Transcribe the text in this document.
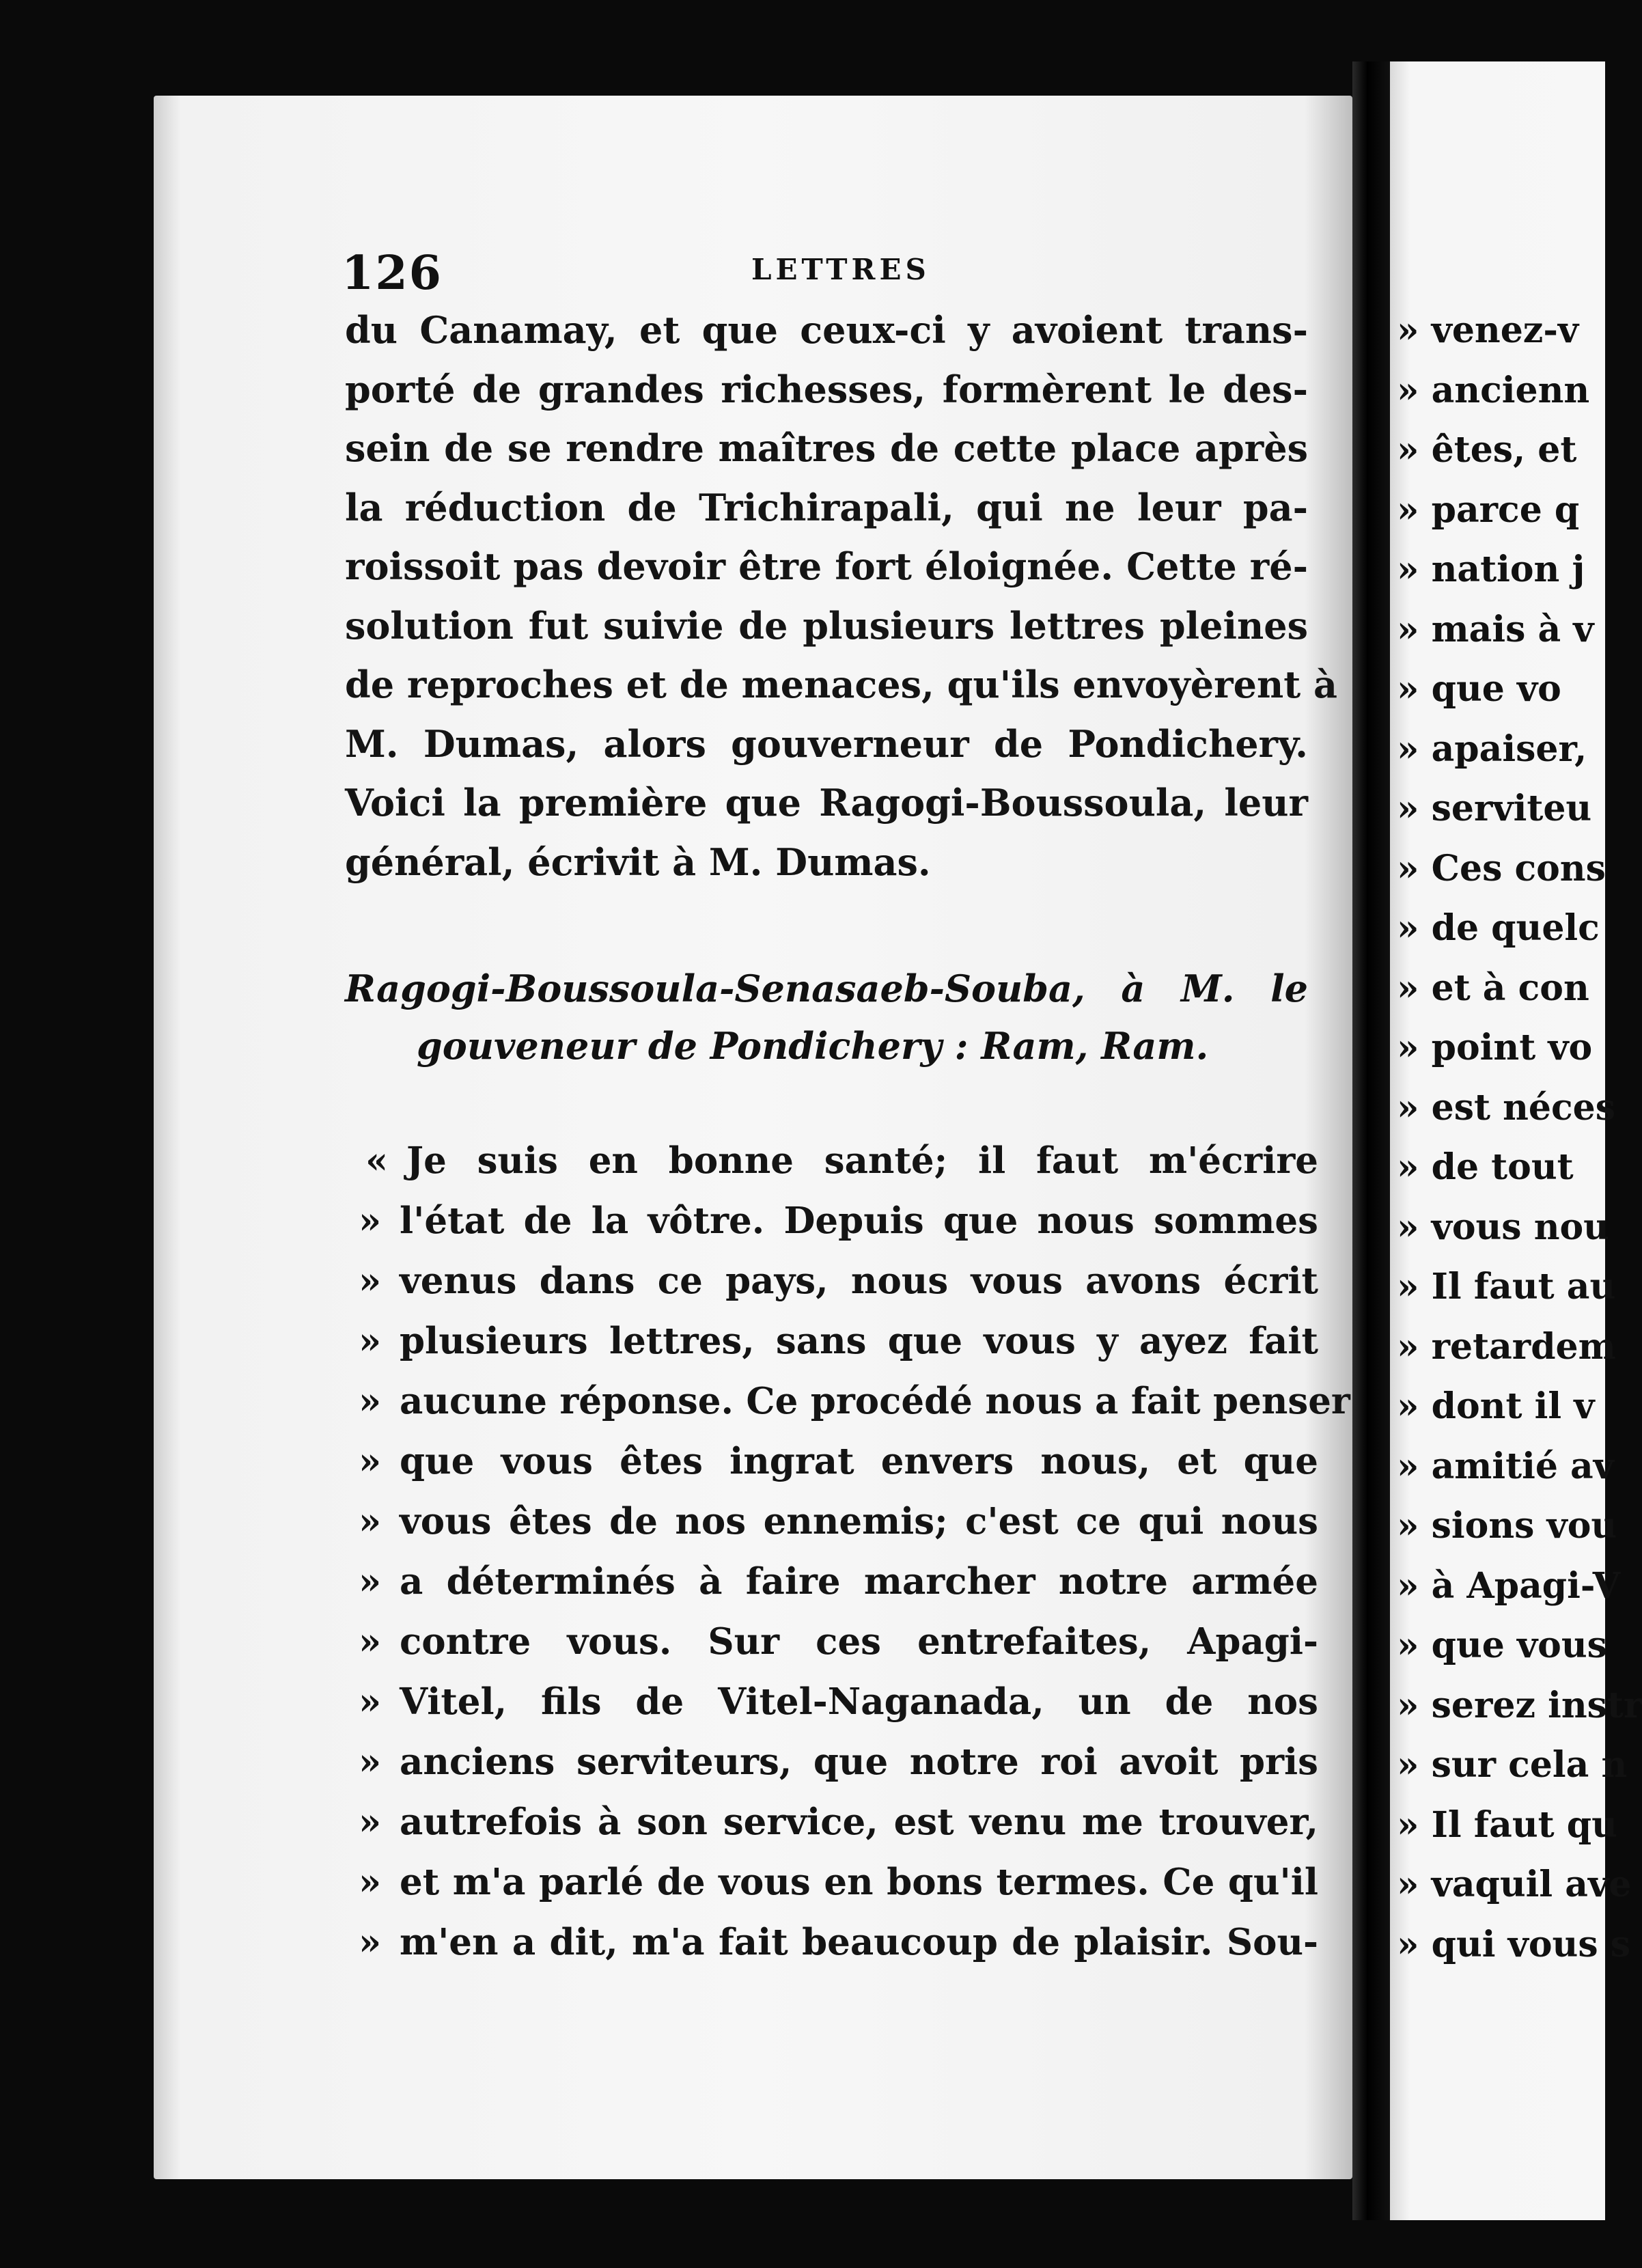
126	LETTRES
du Canamay, et que ceux-ci y avoient trans-
porté de grandes richesses, formèrent le des-
sein de se rendre maîtres de cette place après
la réduction de Trichirapali, qui ne leur pa-
roissoit pas devoir être fort éloignée. Cette ré-
solution fut suivie de plusieurs lettres pleines
de reproches et de menaces, qu'ils envoyèrent à
M. Dumas, alors gouverneur de Pondichery.
Voici la première que Ragogi-Boussoula, leur
général, écrivit à M. Dumas.
Ragogi-Boussoula-Senasaeb-Souba, à M. le
gouveneur de Pondichery : Ram, Ram.
« Je suis en bonne santé; il faut m'écrire
» l'état de la vôtre. Depuis que nous sommes
» venus dans ce pays, nous vous avons écrit
» plusieurs lettres, sans que vous y ayez fait
» aucune réponse. Ce procédé nous a fait penser
» que vous êtes ingrat envers nous, et que
» vous êtes de nos ennemis; c'est ce qui nous
» a déterminés à faire marcher notre armée
» contre vous. Sur ces entrefaites, Apagi-
» Vitel, fils de Vitel-Naganada, un de nos
» anciens serviteurs, que notre roi avoit pris
» autrefois à son service, est venu me trouver,
» et m'a parlé de vous en bons termes. Ce qu'il
» m'en a dit, m'a fait beaucoup de plaisir. Sou-
» venez-v
» ancienn
» êtes, et
» parce q
» nation j
» mais à v
» que vo
» apaiser,
» serviteu
» Ces cons
» de quelc
» et à con
» point vo
» est néces
» de tout
» vous nou
» Il faut au
» retardem
» dont il v
» amitié av
» sions vou
» à Apagi-V
» que vous
» serez instr
» sur cela n
» Il faut qu
» vaquil ave
» qui vous s
